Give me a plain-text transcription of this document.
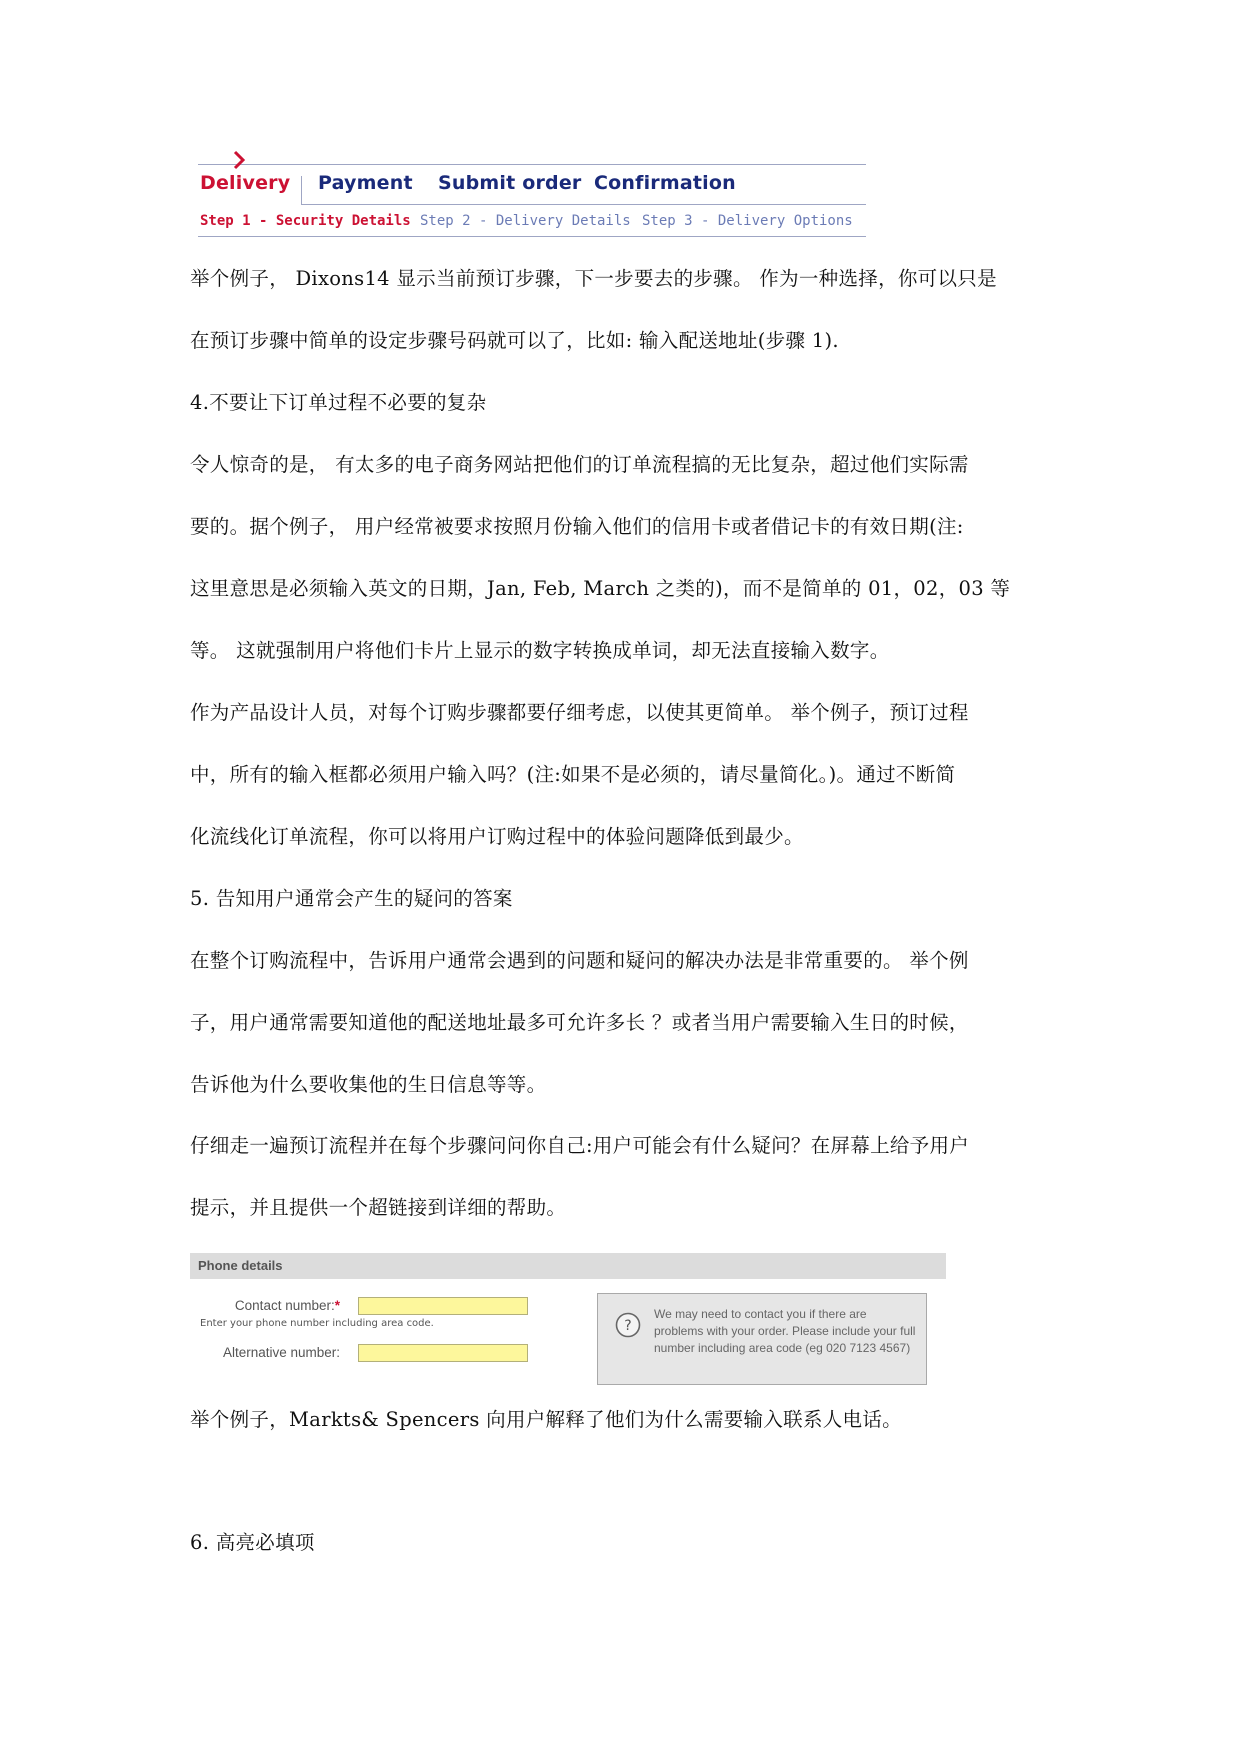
Delivery Payment Submit order Confirmation
Step 1 - Security Details Step 2 - Delivery Details Step 3 - Delivery Options
举个例子， Dixons14 显示当前预订步骤，下一步要去的步骤。 作为一种选择，你可以只是
在预订步骤中简单的设定步骤号码就可以了，比如: 输入配送地址(步骤 1).
4.不要让下订单过程不必要的复杂
令人惊奇的是， 有太多的电子商务网站把他们的订单流程搞的无比复杂，超过他们实际需
要的。据个例子， 用户经常被要求按照月份输入他们的信用卡或者借记卡的有效日期(注:
这里意思是必须输入英文的日期，Jan, Feb, March 之类的)，而不是简单的 01，02，03 等
等。 这就强制用户将他们卡片上显示的数字转换成单词，却无法直接输入数字。
作为产品设计人员，对每个订购步骤都要仔细考虑，以使其更简单。 举个例子，预订过程
中，所有的输入框都必须用户输入吗？(注:如果不是必须的，请尽量简化。)。通过不断简
化流线化订单流程，你可以将用户订购过程中的体验问题降低到最少。
5. 告知用户通常会产生的疑问的答案
在整个订购流程中，告诉用户通常会遇到的问题和疑问的解决办法是非常重要的。 举个例
子，用户通常需要知道他的配送地址最多可允许多长 ？或者当用户需要输入生日的时候，
告诉他为什么要收集他的生日信息等等。
仔细走一遍预订流程并在每个步骤问问你自己:用户可能会有什么疑问？在屏幕上给予用户
提示，并且提供一个超链接到详细的帮助。
Phone details
Contact number:*
Enter your phone number including area code.
Alternative number:
?
We may need to contact you if there are problems with your order. Please include your full number including area code (eg 020 7123 4567)
举个例子，Markts& Spencers 向用户解释了他们为什么需要输入联系人电话。
6. 高亮必填项
